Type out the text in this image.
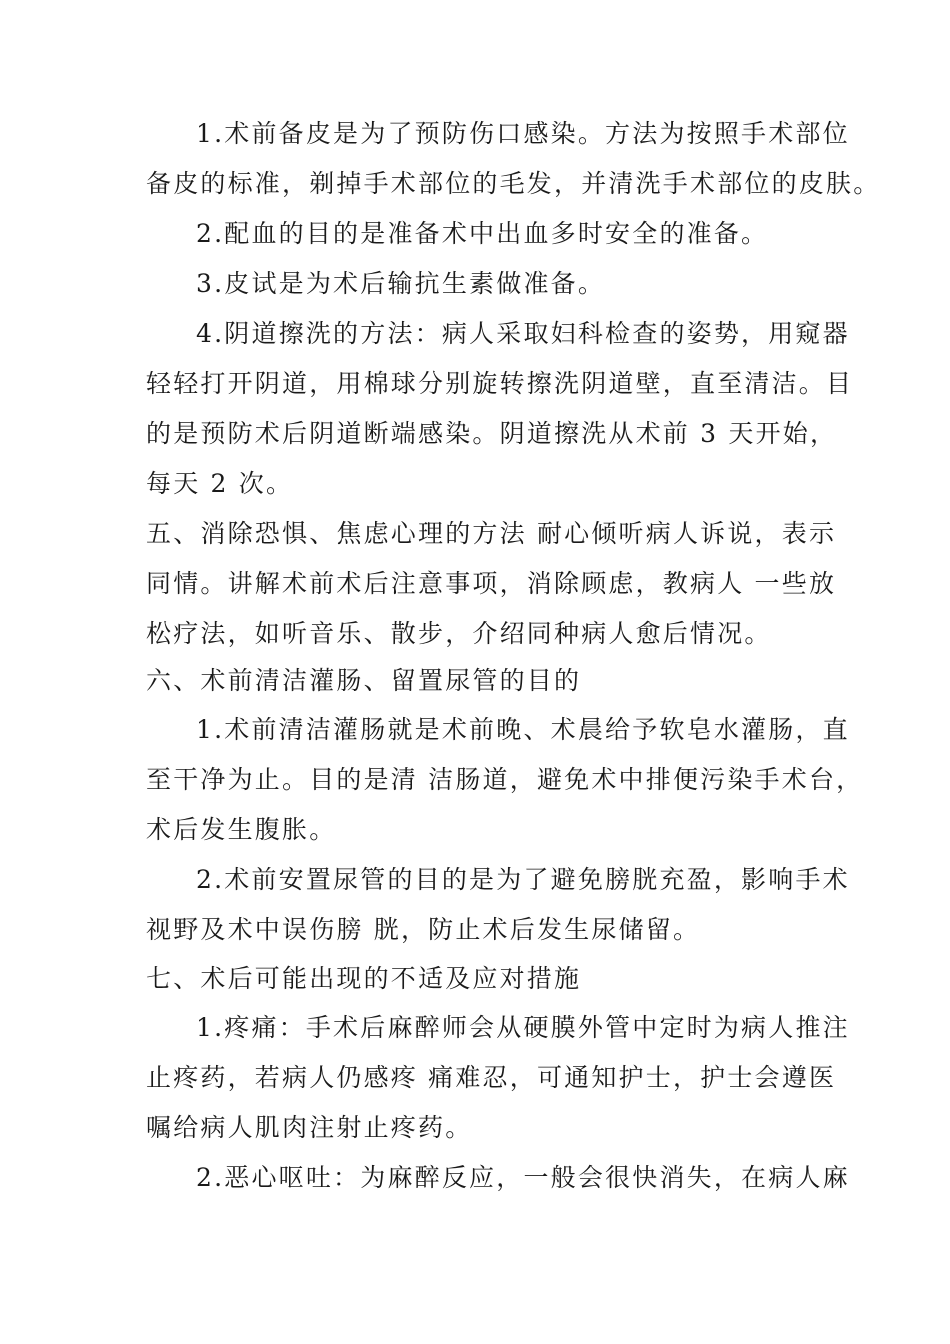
1.术前备皮是为了预防伤口感染。方法为按照手术部位
备皮的标准，剃掉手术部位的毛发，并清洗手术部位的皮肤。
2.配血的目的是准备术中出血多时安全的准备。
3.皮试是为术后输抗生素做准备。
4.阴道擦洗的方法：病人采取妇科检查的姿势，用窥器
轻轻打开阴道，用棉球分别旋转擦洗阴道壁，直至清洁。目
的是预防术后阴道断端感染。阴道擦洗从术前 3 天开始，
每天 2 次。
五、消除恐惧、焦虑心理的方法 耐心倾听病人诉说，表示
同情。讲解术前术后注意事项，消除顾虑，教病人 一些放
松疗法，如听音乐、散步，介绍同种病人愈后情况。
六、术前清洁灌肠、留置尿管的目的
1.术前清洁灌肠就是术前晚、术晨给予软皂水灌肠，直
至干净为止。目的是清 洁肠道，避免术中排便污染手术台，
术后发生腹胀。
2.术前安置尿管的目的是为了避免膀胱充盈，影响手术
视野及术中误伤膀 胱，防止术后发生尿储留。
七、术后可能出现的不适及应对措施
1.疼痛：手术后麻醉师会从硬膜外管中定时为病人推注
止疼药，若病人仍感疼 痛难忍，可通知护士，护士会遵医
嘱给病人肌肉注射止疼药。
2.恶心呕吐：为麻醉反应，一般会很快消失，在病人麻
